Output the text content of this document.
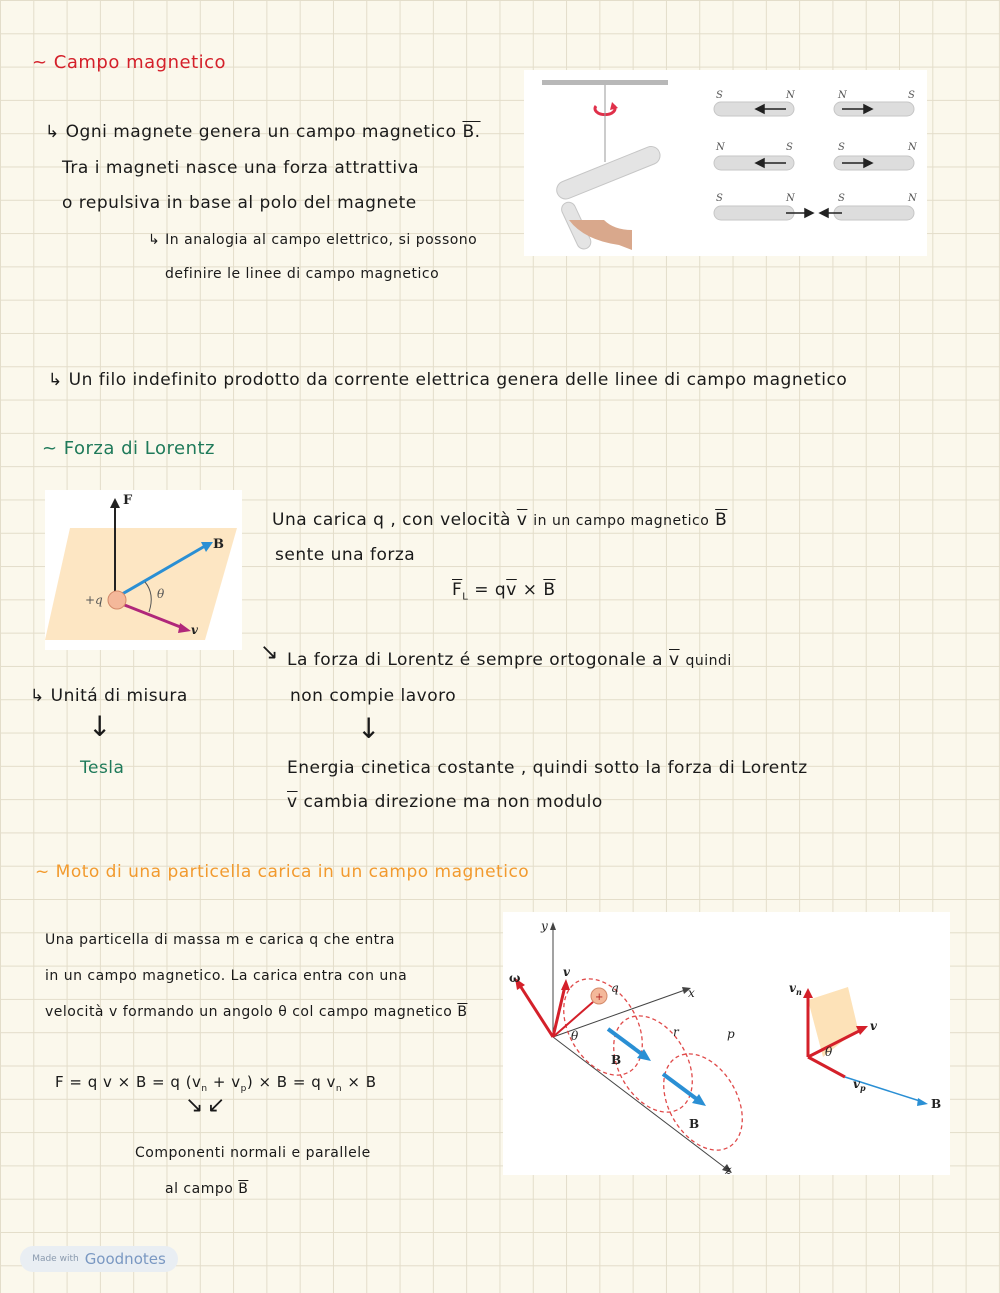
~ Campo magnetico
↳ Ogni magnete genera un campo magnetico B.
Tra i magneti nasce una forza attrattiva
o repulsiva in base al polo del magnete
↳ In analogia al campo elettrico, si possono
definire le linee di campo magnetico
S	N	N	S
N	S	S	N
S	N	S	N
↳ Un filo indefinito prodotto da corrente elettrica genera delle linee di campo magnetico
~ Forza di Lorentz
F
B
+q	θ
v
Una carica q , con velocità $\overline{v}$ in un campo magnetico $\overline{B}$
sente una forza
$\overline{F}_L = q\overline{v} \times \overline{B}$
↘ La forza di Lorentz é sempre ortogonale a $\overline{v}$ quindi
non compie lavoro
↓
↳ Unitá di misura
↓
Tesla	Energia cinetica costante , quindi sotto la forza di Lorentz
$\overline{v}$ cambia direzione ma non modulo
~ Moto di una particella carica in un campo magnetico
Una particella di massa m e carica q che entra
in un campo magnetico. La carica entra con una
velocità v formando un angolo θ col campo magnetico $\overline{B}$
F = q v × B = q $(v_n + v_p) \times B = q$ $v_n \times B$
↘ ↙
Componenti normali e parallele
al campo $\overline{B}$
+
y
x
z
ω	v
q
θ
B
B
r	p
$v_n$
$v_p$
v
θ
B
Made with Goodnotes
